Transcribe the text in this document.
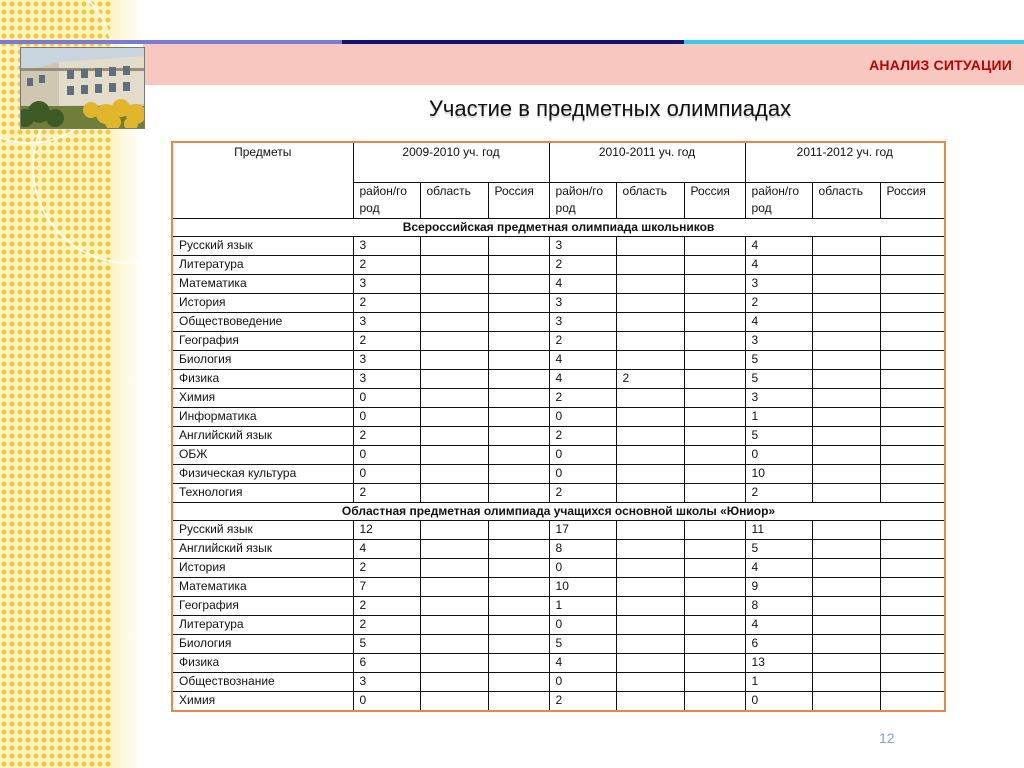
АНАЛИЗ СИТУАЦИИ
Участие в предметных олимпиадах
Предметы	2009-2010 уч. год			2010-2011 уч. год			2011-2012 уч. год		
	район/город	область	Россия	район/город	область	Россия	район/город	область	Россия
Всероссийская предметная олимпиада школьников									
Русский язык	3			3			4		
Литература	2			2			4		
Математика	3			4			3		
История	2			3			2		
Обществоведение	3			3			4		
География	2			2			3		
Биология	3			4			5		
Физика	3			4	2		5		
Химия	0			2			3		
Информатика	0			0			1		
Английский язык	2			2			5		
ОБЖ	0			0			0		
Физическая культура	0			0			10		
Технология	2			2			2		
Областная предметная олимпиада учащихся основной школы «Юниор»									
Русский язык	12			17			11		
Английский язык	4			8			5		
История	2			0			4		
Математика	7			10			9		
География	2			1			8		
Литература	2			0			4		
Биология	5			5			6		
Физика	6			4			13		
Обществознание	3			0			1		
Химия	0			2			0		
12
